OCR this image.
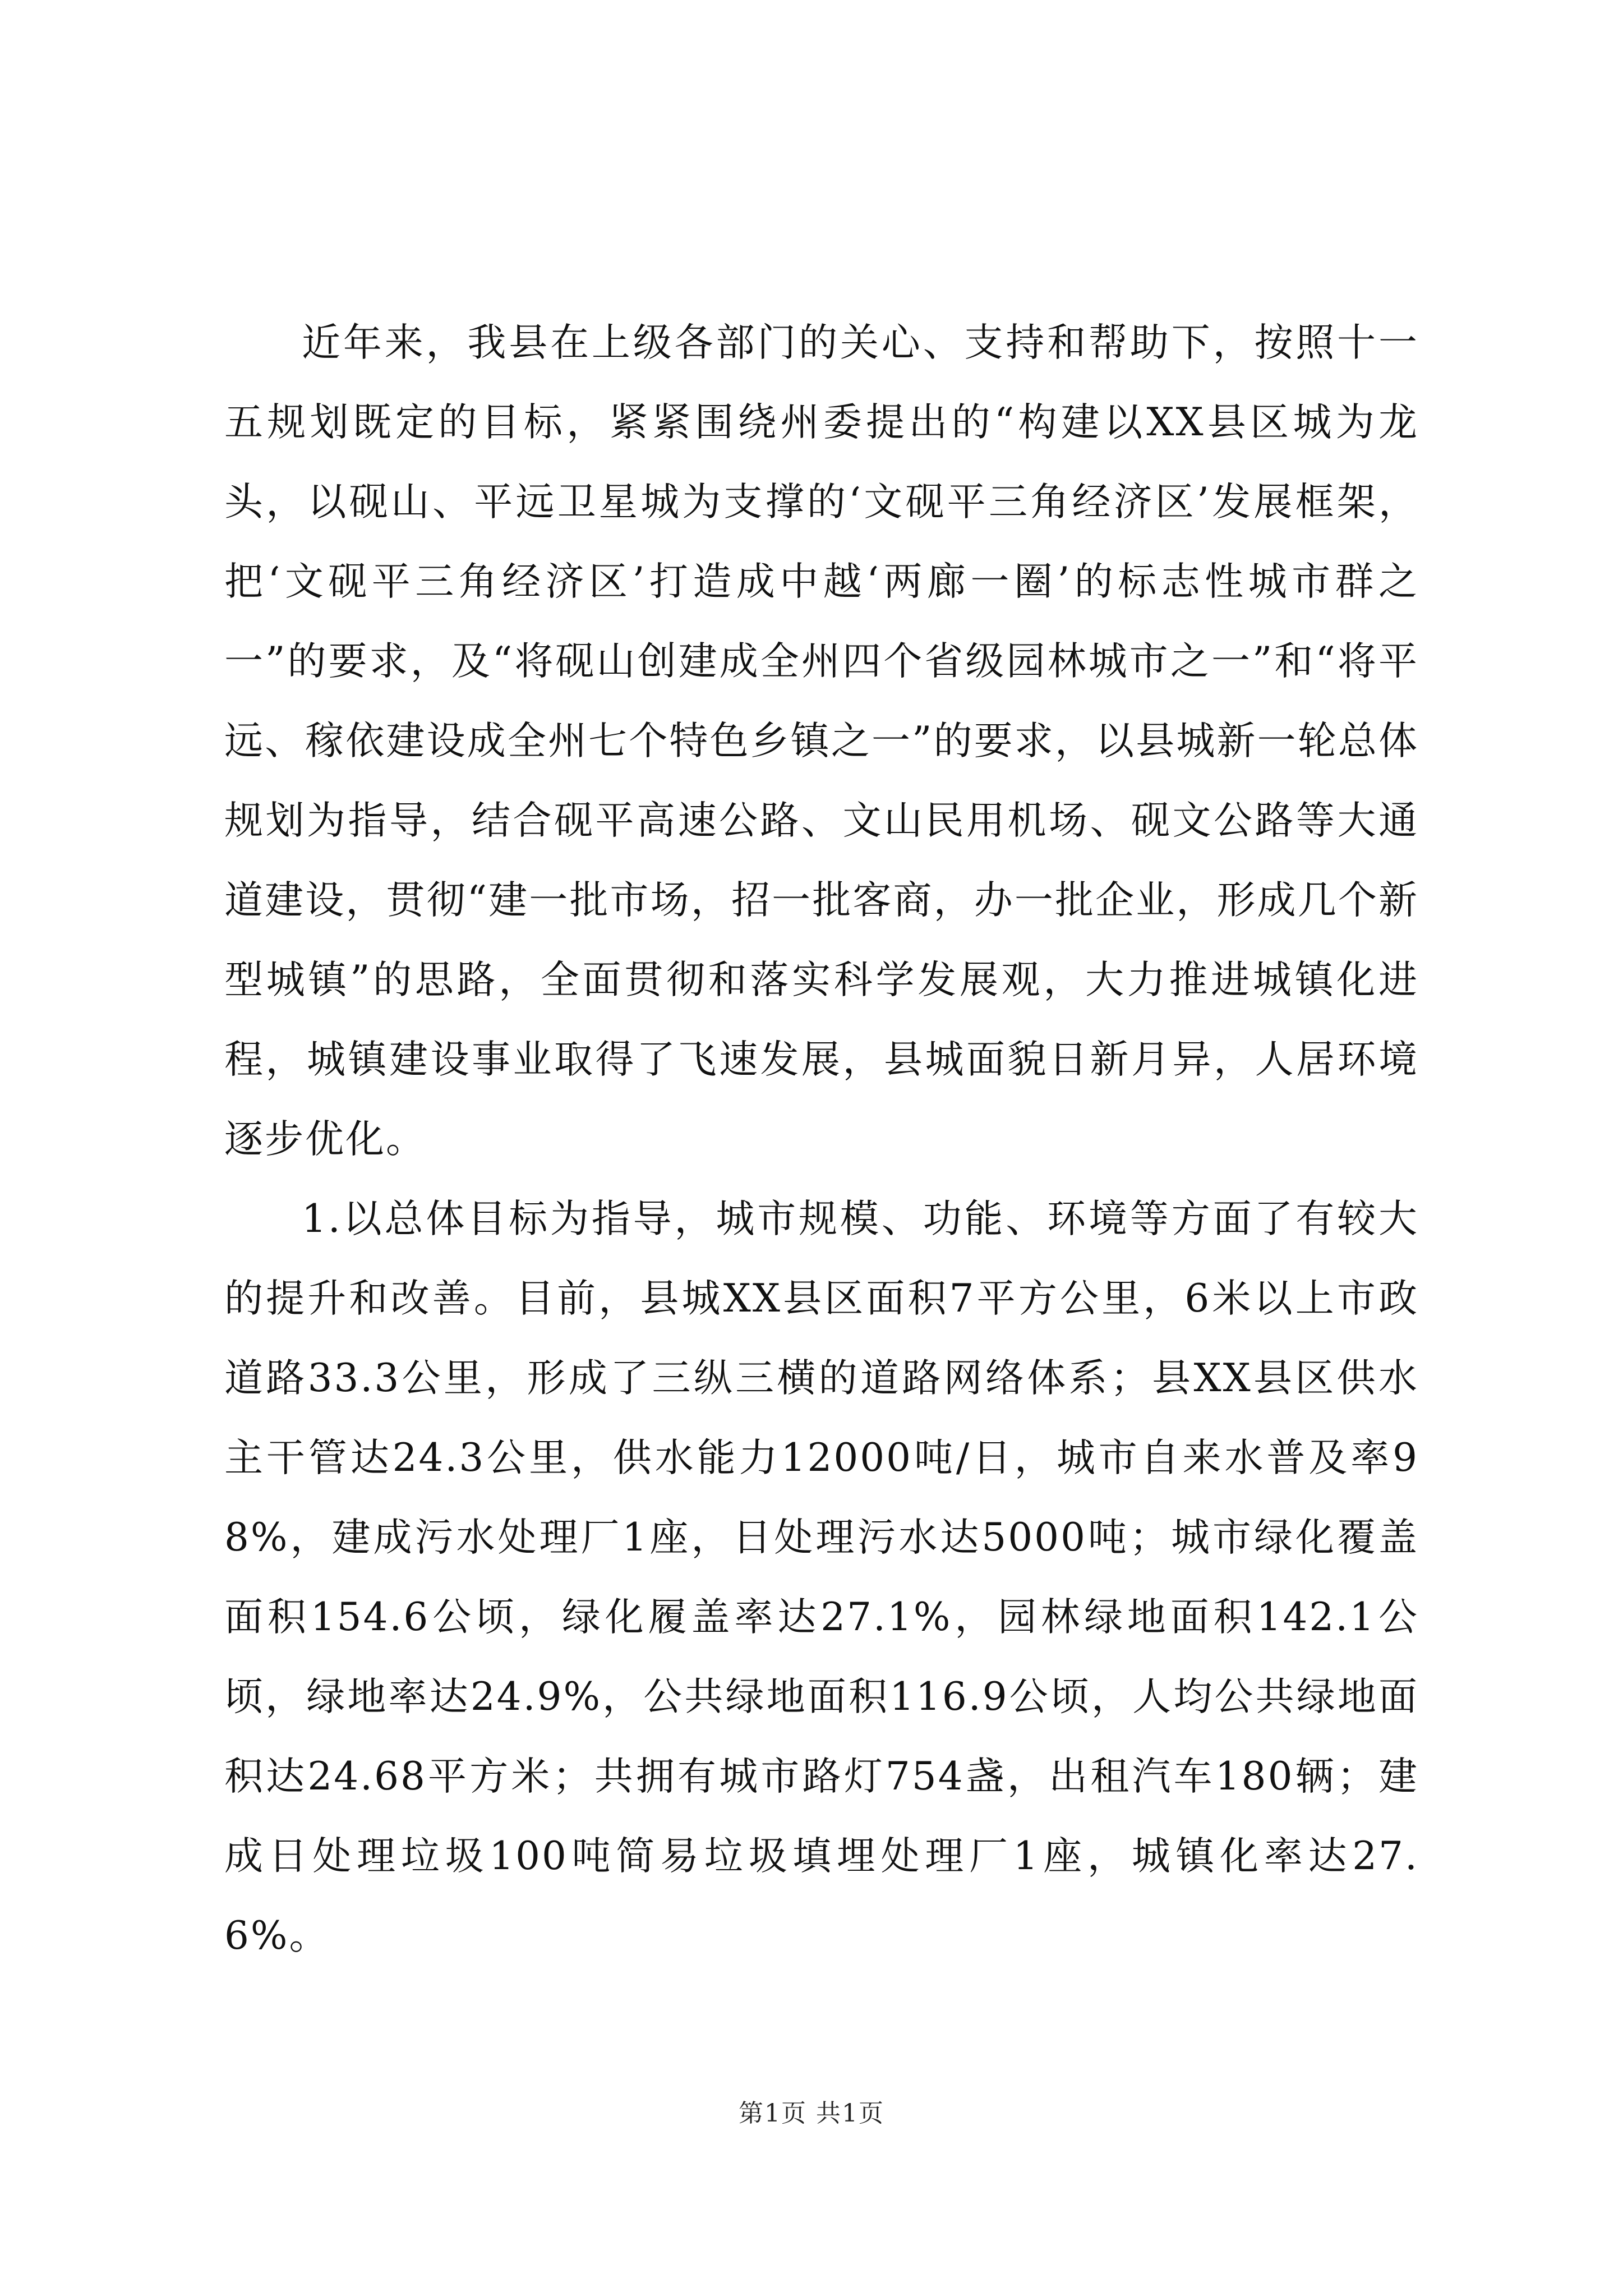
近年来，我县在上级各部门的关心、支持和帮助下，按照十一五规划既定的目标，紧紧围绕州委提出的“构建以XX县区城为龙头，以砚山、平远卫星城为支撑的‘文砚平三角经济区’发展框架，把‘文砚平三角经济区’打造成中越‘两廊一圈’的标志性城市群之一”的要求，及“将砚山创建成全州四个省级园林城市之一”和“将平远、稼依建设成全州七个特色乡镇之一”的要求，以县城新一轮总体规划为指导，结合砚平高速公路、文山民用机场、砚文公路等大通道建设，贯彻“建一批市场，招一批客商，办一批企业，形成几个新型城镇”的思路，全面贯彻和落实科学发展观，大力推进城镇化进程，城镇建设事业取得了飞速发展，县城面貌日新月异，人居环境逐步优化。

1.以总体目标为指导，城市规模、功能、环境等方面了有较大的提升和改善。目前，县城XX县区面积7平方公里，6米以上市政道路33.3公里，形成了三纵三横的道路网络体系；县XX县区供水主干管达24.3公里，供水能力12000吨/日，城市自来水普及率98%，建成污水处理厂1座，日处理污水达5000吨；城市绿化覆盖面积154.6公顷，绿化履盖率达27.1%，园林绿地面积142.1公顷，绿地率达24.9%，公共绿地面积116.9公顷，人均公共绿地面积达24.68平方米；共拥有城市路灯754盏，出租汽车180辆；建成日处理垃圾100吨简易垃圾填埋处理厂1座，城镇化率达27.6%。

第1页 共1页
